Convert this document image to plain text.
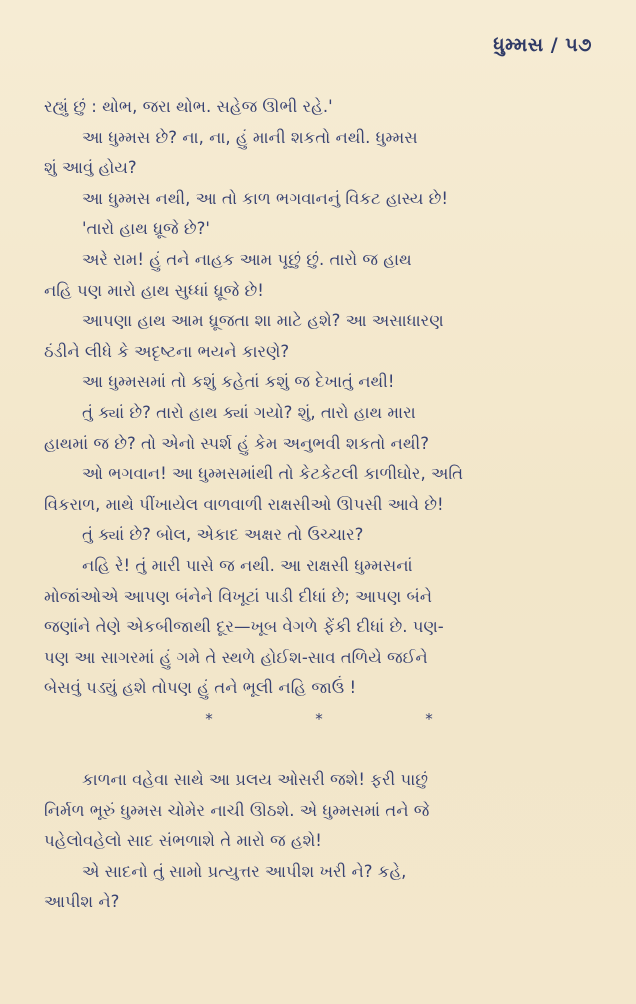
ધુમ્મસ / ૫૭
રહ્યું છું : થોભ, જરા થોભ. સહેજ ઊભી રહે.'
આ ધુમ્મસ છે? ના, ના, હું માની શકતો નથી. ધુમ્મસ
શું આવું હોય?
આ ધુમ્મસ નથી, આ તો કાળ ભગવાનનું વિકટ હાસ્ય છે!
'તારો હાથ ધ્રૂજે છે?'
અરે રામ! હું તને નાહક આમ પૂછું છું. તારો જ હાથ
નહિ પણ મારો હાથ સુધ્ધાં ધ્રૂજે છે!
આપણા હાથ આમ ધ્રૂજતા શા માટે હશે? આ અસાધારણ
ઠંડીને લીધે કે અદૃષ્ટના ભયને કારણે?
આ ધુમ્મસમાં તો કશું કહેતાં કશું જ દેખાતું નથી!
તું ક્યાં છે? તારો હાથ ક્યાં ગયો? શું, તારો હાથ મારા
હાથમાં જ છે? તો એનો સ્પર્શ હું કેમ અનુભવી શકતો નથી?
ઓ ભગવાન! આ ધુમ્મસમાંથી તો કેટકેટલી કાળીઘોર, અતિ
વિકરાળ, માથે પીંખાયેલ વાળવાળી રાક્ષસીઓ ઊપસી આવે છે!
તું ક્યાં છે? બોલ, એકાદ અક્ષર તો ઉચ્ચાર?
નહિ રે! તું મારી પાસે જ નથી. આ રાક્ષસી ધુમ્મસનાં
મોજાંઓએ આપણ બંનેને વિખૂટાં પાડી દીધાં છે; આપણ બંને
જણાંને તેણે એકબીજાથી દૂર—ખૂબ વેગળે ફેંકી દીધાં છે. પણ-
પણ આ સાગરમાં હું ગમે તે સ્થળે હોઈશ-સાવ તળિયે જઈને
બેસવું પડ્યું હશે તોપણ હું તને ભૂલી નહિ જાઉં !
*	*	*
કાળના વહેવા સાથે આ પ્રલય ઓસરી જશે! ફરી પાછું
નિર્મળ ભૂરું ધુમ્મસ ચોમેર નાચી ઊઠશે. એ ધુમ્મસમાં તને જે
પહેલોવહેલો સાદ સંભળાશે તે મારો જ હશે!
એ સાદનો તું સામો પ્રત્યુત્તર આપીશ ખરી ને? કહે,
આપીશ ને?
